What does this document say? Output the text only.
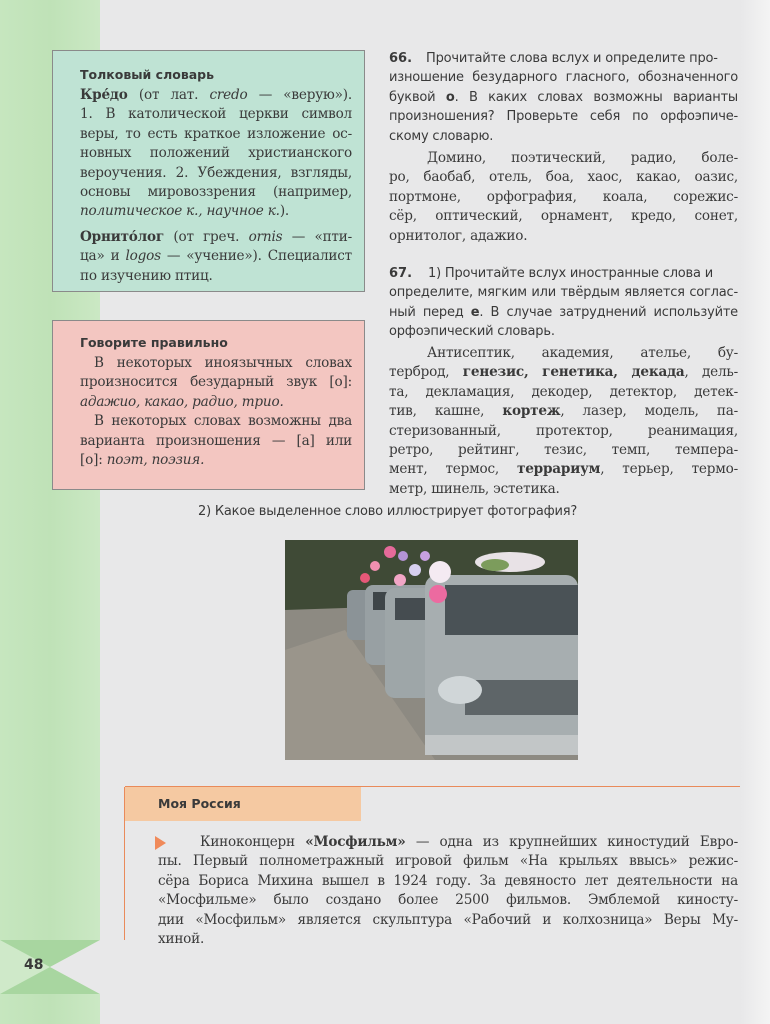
Толковый словарь
Кре́до (от лат. credo — «верую»).
1. В католической церкви символ
веры, то есть краткое изложение ос-
новных положений христианского
вероучения. 2. Убеждения, взгляды,
основы мировоззрения (например,
политическое к., научное к.).
Орнито́лог (от греч. ornis — «пти-
ца» и logos — «учение»). Специалист
по изучению птиц.
Говорите правильно
В некоторых иноязычных словах
произносится безударный звук [о]:
адажио, какао, радио, трио.
В некоторых словах возможны два
варианта произношения — [а] или
[о]: поэт, поэзия.
66. Прочитайте слова вслух и определите про-
изношение безударного гласного, обозначенного
буквой о. В каких словах возможны варианты
произношения? Проверьте себя по орфоэпиче-
скому словарю.
Домино, поэтический, радио, боле-
ро, баобаб, отель, боа, хаос, какао, оазис,
портмоне, орфография, коала, сорежис-
сёр, оптический, орнамент, кредо, сонет,
орнитолог, адажио.
67. 1) Прочитайте вслух иностранные слова и
определите, мягким или твёрдым является соглас-
ный перед е. В случае затруднений используйте
орфоэпический словарь.
Антисептик, академия, ателье, бу-
терброд, генезис, генетика, декада, дель-
та, декламация, декодер, детектор, детек-
тив, кашне, кортеж, лазер, модель, па-
стеризованный, протектор, реанимация,
ретро, рейтинг, тезис, темп, темпера-
мент, термос, террариум, терьер, термо-
метр, шинель, эстетика.
2) Какое выделенное слово иллюстрирует фотография?
Моя Россия
Киноконцерн «Мосфильм» — одна из крупнейших киностудий Евро-
пы. Первый полнометражный игровой фильм «На крыльях ввысь» режис-
сёра Бориса Михина вышел в 1924 году. За девяносто лет деятельности на
«Мосфильме» было создано более 2500 фильмов. Эмблемой киносту-
дии «Мосфильм» является скульптура «Рабочий и колхозница» Веры Му-
хиной.
48
